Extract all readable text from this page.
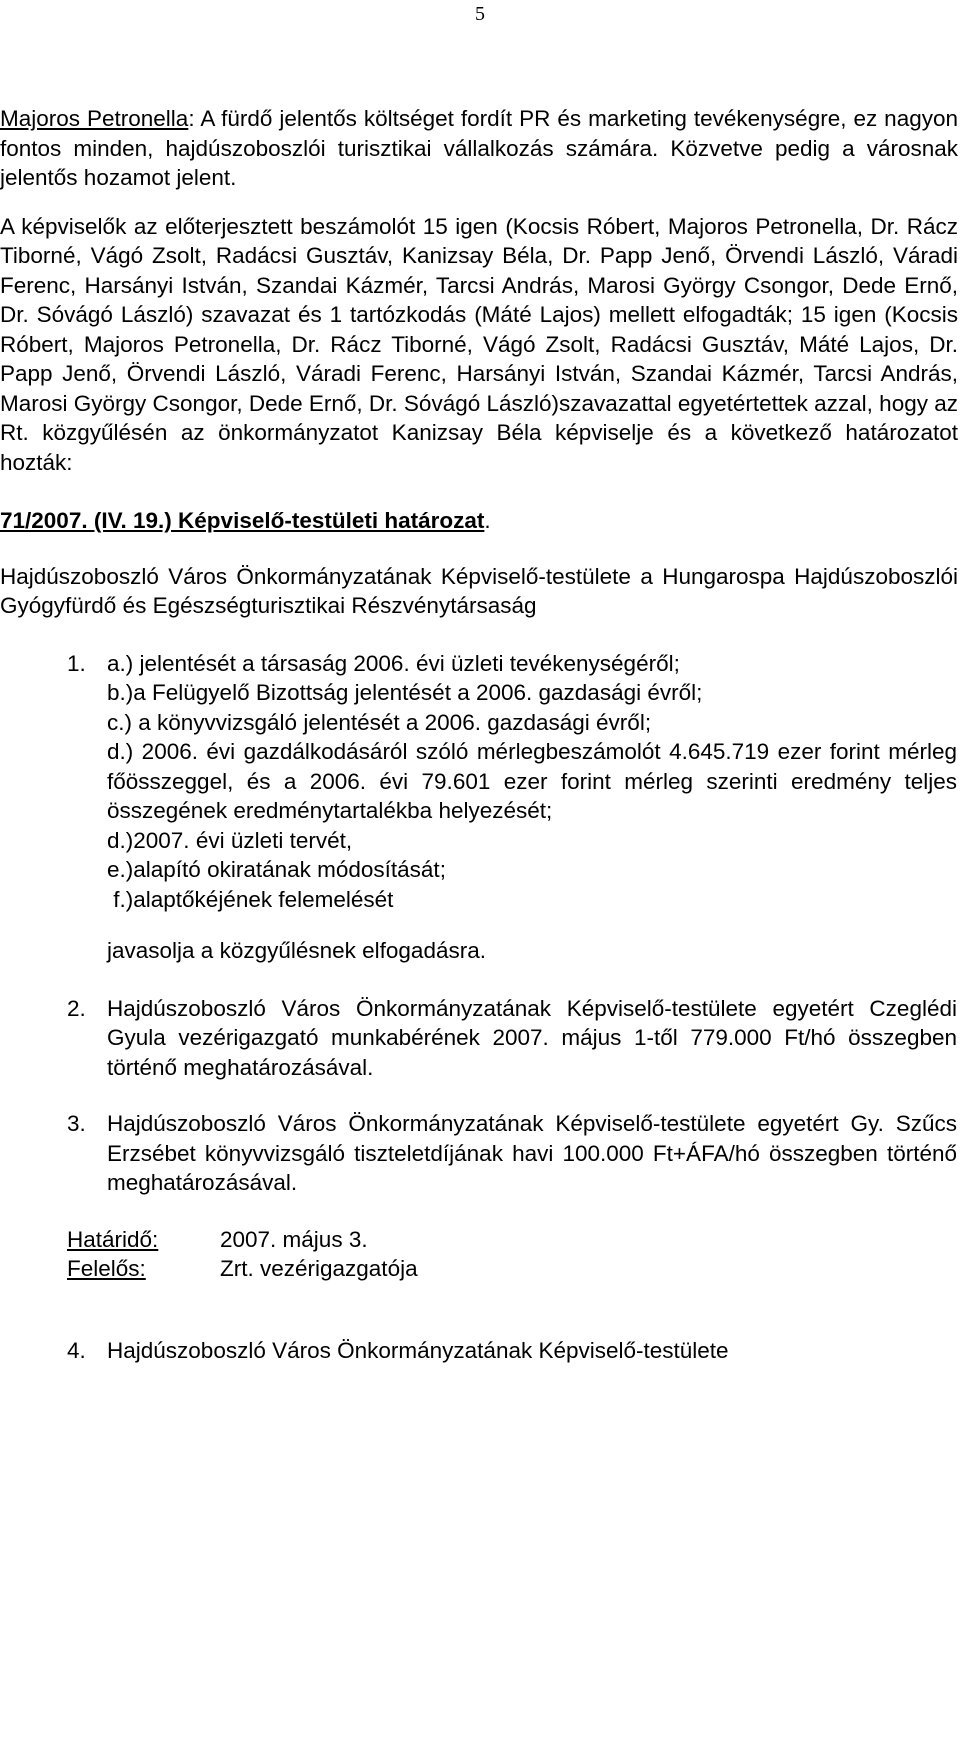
5

Majoros Petronella: A fürdő jelentős költséget fordít PR és marketing tevékenységre, ez nagyon fontos minden, hajdúszoboszlói turisztikai vállalkozás számára. Közvetve pedig a városnak jelentős hozamot jelent.

A képviselők az előterjesztett beszámolót 15 igen (Kocsis Róbert, Majoros Petronella, Dr. Rácz Tiborné, Vágó Zsolt, Radácsi Gusztáv, Kanizsay Béla, Dr. Papp Jenő, Örvendi László, Váradi Ferenc, Harsányi István, Szandai Kázmér, Tarcsi András, Marosi György Csongor, Dede Ernő, Dr. Sóvágó László) szavazat és 1 tartózkodás (Máté Lajos) mellett elfogadták; 15 igen (Kocsis Róbert, Majoros Petronella, Dr. Rácz Tiborné, Vágó Zsolt, Radácsi Gusztáv, Máté Lajos, Dr. Papp Jenő, Örvendi László, Váradi Ferenc, Harsányi István, Szandai Kázmér, Tarcsi András, Marosi György Csongor, Dede Ernő, Dr. Sóvágó László)szavazattal egyetértettek azzal, hogy az Rt. közgyűlésén az önkormányzatot Kanizsay Béla képviselje és a következő határozatot hozták:

71/2007. (IV. 19.) Képviselő-testületi határozat.

Hajdúszoboszló Város Önkormányzatának Képviselő-testülete a Hungarospa Hajdúszoboszlói Gyógyfürdő és Egészségturisztikai Részvénytársaság

1. a.) jelentését a társaság 2006. évi üzleti tevékenységéről;
b.)a Felügyelő Bizottság jelentését a 2006. gazdasági évről;
c.) a könyvvizsgáló jelentését a 2006. gazdasági évről;
d.) 2006. évi gazdálkodásáról szóló mérlegbeszámolót 4.645.719 ezer forint mérleg főösszeggel, és a 2006. évi 79.601 ezer forint mérleg szerinti eredmény teljes összegének eredménytartalékba helyezését;
d.)2007. évi üzleti tervét,
e.)alapító okiratának módosítását;
f.)alaptőkéjének felemelését
javasolja a közgyűlésnek elfogadásra.
2. Hajdúszoboszló Város Önkormányzatának Képviselő-testülete egyetért Czeglédi Gyula vezérigazgató munkabérének 2007. május 1-től 779.000 Ft/hó összegben történő meghatározásával.

3. Hajdúszoboszló Város Önkormányzatának Képviselő-testülete egyetért Gy. Szűcs Erzsébet könyvvizsgáló tiszteletdíjának havi 100.000 Ft+ÁFA/hó összegben történő meghatározásával.

Határidő:	2007. május 3.
Felelős:	Zrt. vezérigazgatója
4. Hajdúszoboszló Város Önkormányzatának Képviselő-testülete
